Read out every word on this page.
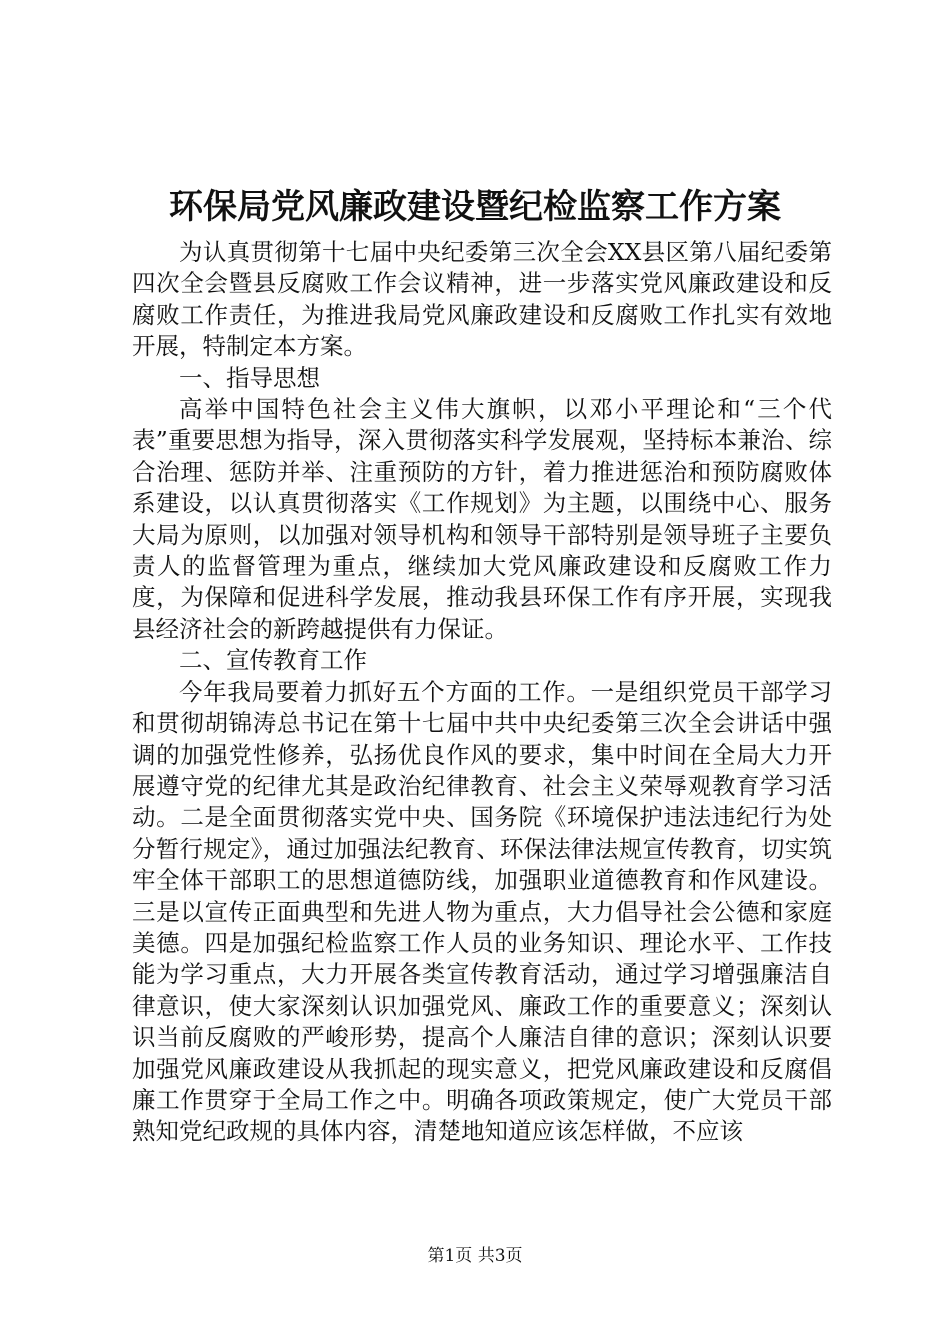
环保局党风廉政建设暨纪检监察工作方案

为认真贯彻第十七届中央纪委第三次全会XX县区第八届纪委第四次全会暨县反腐败工作会议精神，进一步落实党风廉政建设和反腐败工作责任，为推进我局党风廉政建设和反腐败工作扎实有效地开展，特制定本方案。

一、指导思想

高举中国特色社会主义伟大旗帜，以邓小平理论和“三个代表”重要思想为指导，深入贯彻落实科学发展观，坚持标本兼治、综合治理、惩防并举、注重预防的方针，着力推进惩治和预防腐败体系建设，以认真贯彻落实《工作规划》为主题，以围绕中心、服务大局为原则，以加强对领导机构和领导干部特别是领导班子主要负责人的监督管理为重点，继续加大党风廉政建设和反腐败工作力度，为保障和促进科学发展，推动我县环保工作有序开展，实现我县经济社会的新跨越提供有力保证。

二、宣传教育工作

今年我局要着力抓好五个方面的工作。一是组织党员干部学习和贯彻胡锦涛总书记在第十七届中共中央纪委第三次全会讲话中强调的加强党性修养，弘扬优良作风的要求，集中时间在全局大力开展遵守党的纪律尤其是政治纪律教育、社会主义荣辱观教育学习活动。二是全面贯彻落实党中央、国务院《环境保护违法违纪行为处分暂行规定》，通过加强法纪教育、环保法律法规宣传教育，切实筑牢全体干部职工的思想道德防线，加强职业道德教育和作风建设。三是以宣传正面典型和先进人物为重点，大力倡导社会公德和家庭美德。四是加强纪检监察工作人员的业务知识、理论水平、工作技能为学习重点，大力开展各类宣传教育活动，通过学习增强廉洁自律意识，使大家深刻认识加强党风、廉政工作的重要意义；深刻认识当前反腐败的严峻形势，提高个人廉洁自律的意识；深刻认识要加强党风廉政建设从我抓起的现实意义，把党风廉政建设和反腐倡廉工作贯穿于全局工作之中。明确各项政策规定，使广大党员干部熟知党纪政规的具体内容，清楚地知道应该怎样做，不应该

第1页 共3页
